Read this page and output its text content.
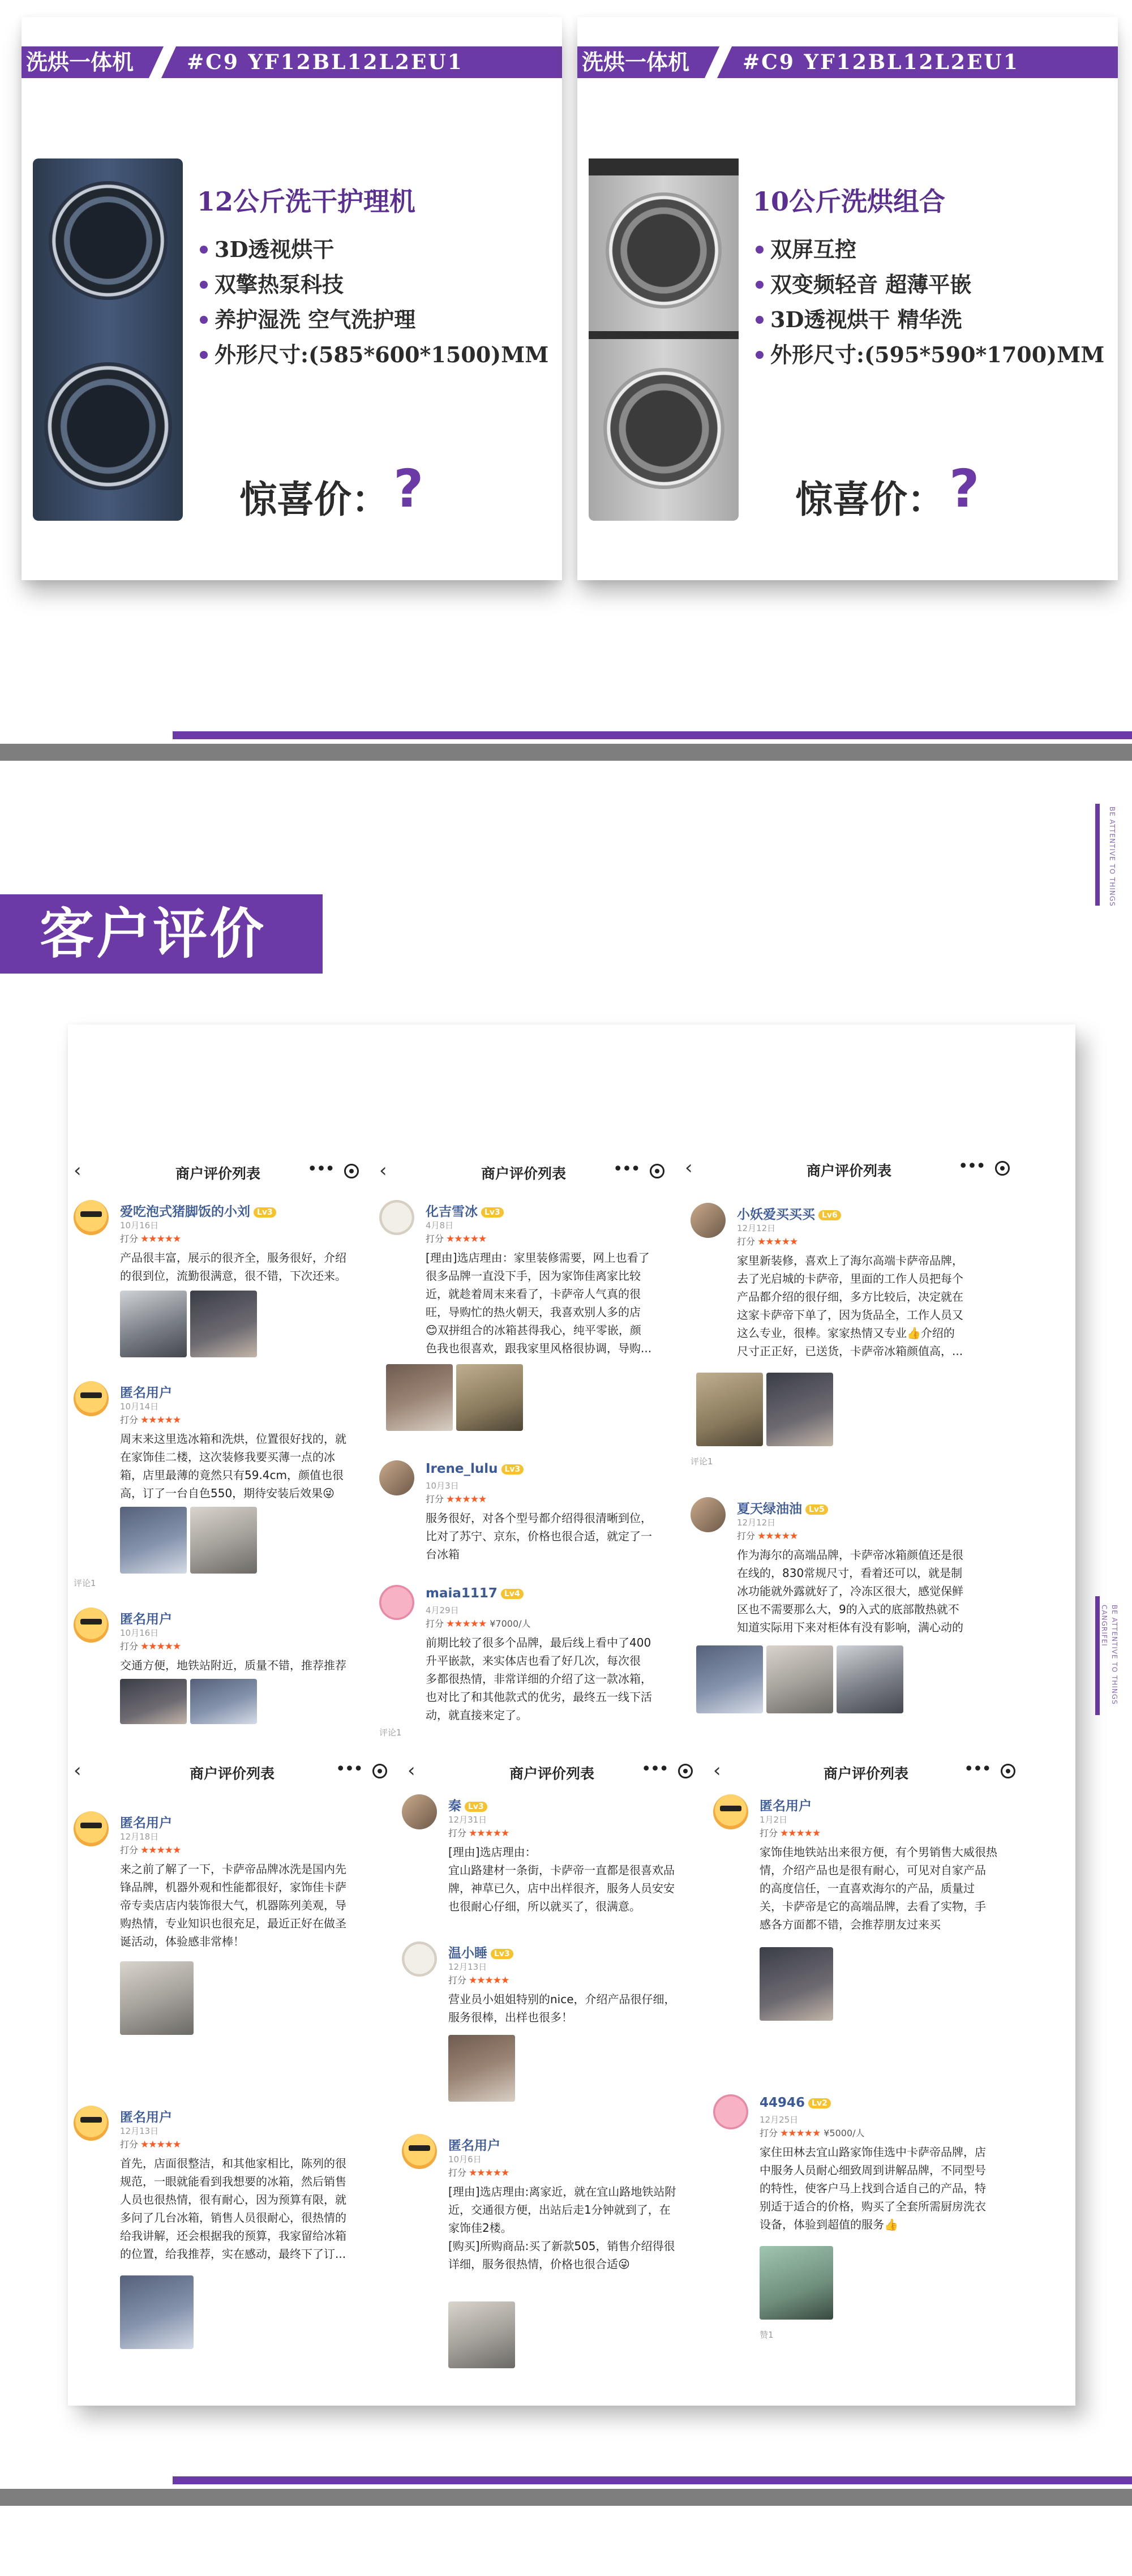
洗烘一体机	#C9 YF12BL12L2EU1
12公斤洗干护理机
3D透视烘干
双擎热泵科技
养护湿洗 空气洗护理
外形尺寸:(585*600*1500)MM
惊喜价：?
洗烘一体机	#C9 YF12BL12L2EU1
10公斤洗烘组合
双屏互控
双变频轻音 超薄平嵌
3D透视烘干 精华洗
外形尺寸:(595*590*1700)MM
惊喜价：?
BE ATTENTIVE TO THINGS
CANGRIFEI BE ATTENTIVE TO THINGS
客户评价
‹	商户评价列表	•••
爱吃泡式猪脚饭的小刘 Lv3
10月16日
打分 ★★★★★
产品很丰富，展示的很齐全，服务很好，介绍
的很到位，流勤很满意，很不错，下次还来。
匿名用户
10月14日
打分 ★★★★★
周末来这里选冰箱和洗烘，位置很好找的，就
在家饰佳二楼，这次装修我要买薄一点的冰
箱，店里最薄的竟然只有59.4cm，颜值也很
高，订了一台自色550，期待安装后效果😜
评论1
匿名用户
10月16日
打分 ★★★★★
交通方便，地铁站附近，质量不错，推荐推荐
‹	商户评价列表	•••
化吉雪冰 Lv3
4月8日
打分 ★★★★★
[理由]选店理由：家里装修需要，网上也看了
很多品牌一直没下手，因为家饰佳离家比较
近，就趁着周末来看了，卡萨帝人气真的很
旺，导购忙的热火朝天，我喜欢别人多的店
😊双拼组合的冰箱甚得我心，纯平零嵌，颜
色我也很喜欢，跟我家里风格很协调，导购...
Irene_lulu Lv3
10月3日
打分 ★★★★★
服务很好，对各个型号都介绍得很清晰到位，
比对了苏宁、京东，价格也很合适，就定了一
台冰箱
maia1117 Lv4
4月29日
打分 ★★★★★ ¥7000/人
前期比较了很多个品牌，最后线上看中了400
升平嵌款，来实体店也看了好几次，每次很
多都很热情，非常详细的介绍了这一款冰箱，
也对比了和其他款式的优劣，最终五一线下活
动，就直接来定了。
评论1
‹	商户评价列表	•••
小妖爱买买买 Lv6
12月12日
打分 ★★★★★
家里新装修，喜欢上了海尔高端卡萨帝品牌，
去了光启城的卡萨帝，里面的工作人员把每个
产品都介绍的很仔细，多方比较后，决定就在
这家卡萨帝下单了，因为货品全，工作人员又
这么专业，很棒。家家热情又专业👍介绍的
尺寸正正好，已送货，卡萨帝冰箱颜值高，...
评论1
夏天绿油油 Lv5
12月12日
打分 ★★★★★
作为海尔的高端品牌，卡萨帝冰箱颜值还是很
在线的，830常规尺寸，看着还可以，就是制
冰功能就外露就好了，冷冻区很大，感觉保鲜
区也不需要那么大，9的入式的底部散热就不
知道实际用下来对柜体有没有影响，满心动的
‹	商户评价列表	•••
匿名用户
12月18日
打分 ★★★★★
来之前了解了一下，卡萨帝品牌冰洗是国内先
锋品牌，机器外观和性能都很好，家饰佳卡萨
帝专卖店店内装饰很大气，机器陈列美观，导
购热情，专业知识也很充足，最近正好在做圣
诞活动，体验感非常棒！
匿名用户
12月13日
打分 ★★★★★
首先，店面很整洁，和其他家相比，陈列的很
规范，一眼就能看到我想要的冰箱，然后销售
人员也很热情，很有耐心，因为预算有限，就
多问了几台冰箱，销售人员很耐心，很热情的
给我讲解，还会根据我的预算，我家留给冰箱
的位置，给我推荐，实在感动，最终下了订...
‹	商户评价列表	•••
秦 Lv3
12月31日
打分 ★★★★★
[理由]选店理由：
宜山路建材一条街，卡萨帝一直都是很喜欢品
牌，神草已久，店中出样很齐，服务人员安安
也很耐心仔细，所以就买了，很满意。
温小睡 Lv3
12月13日
打分 ★★★★★
营业员小姐姐特别的nice，介绍产品很仔细，
服务很棒，出样也很多！
匿名用户
10月6日
打分 ★★★★★
[理由]选店理由:离家近，就在宜山路地铁站附
近，交通很方便，出站后走1分钟就到了，在
家饰佳2楼。
[购买]所购商品:买了新款505，销售介绍得很
详细，服务很热情，价格也很合适😜
‹	商户评价列表	•••
匿名用户
1月2日
打分 ★★★★★
家饰佳地铁站出来很方便，有个男销售大威很热
情，介绍产品也是很有耐心，可见对自家产品
的高度信任，一直喜欢海尔的产品，质量过
关，卡萨帝是它的高端品牌，去看了实物，手
感各方面都不错，会推荐朋友过来买
44946 Lv2
12月25日
打分 ★★★★★ ¥5000/人
家住田林去宜山路家饰佳选中卡萨帝品牌，店
中服务人员耐心细致周到讲解品牌，不同型号
的特性，使客户马上找到合适自己的产品，特
别适于适合的价格，购买了全套所需厨房洗衣
设备，体验到超值的服务👍
赞1
